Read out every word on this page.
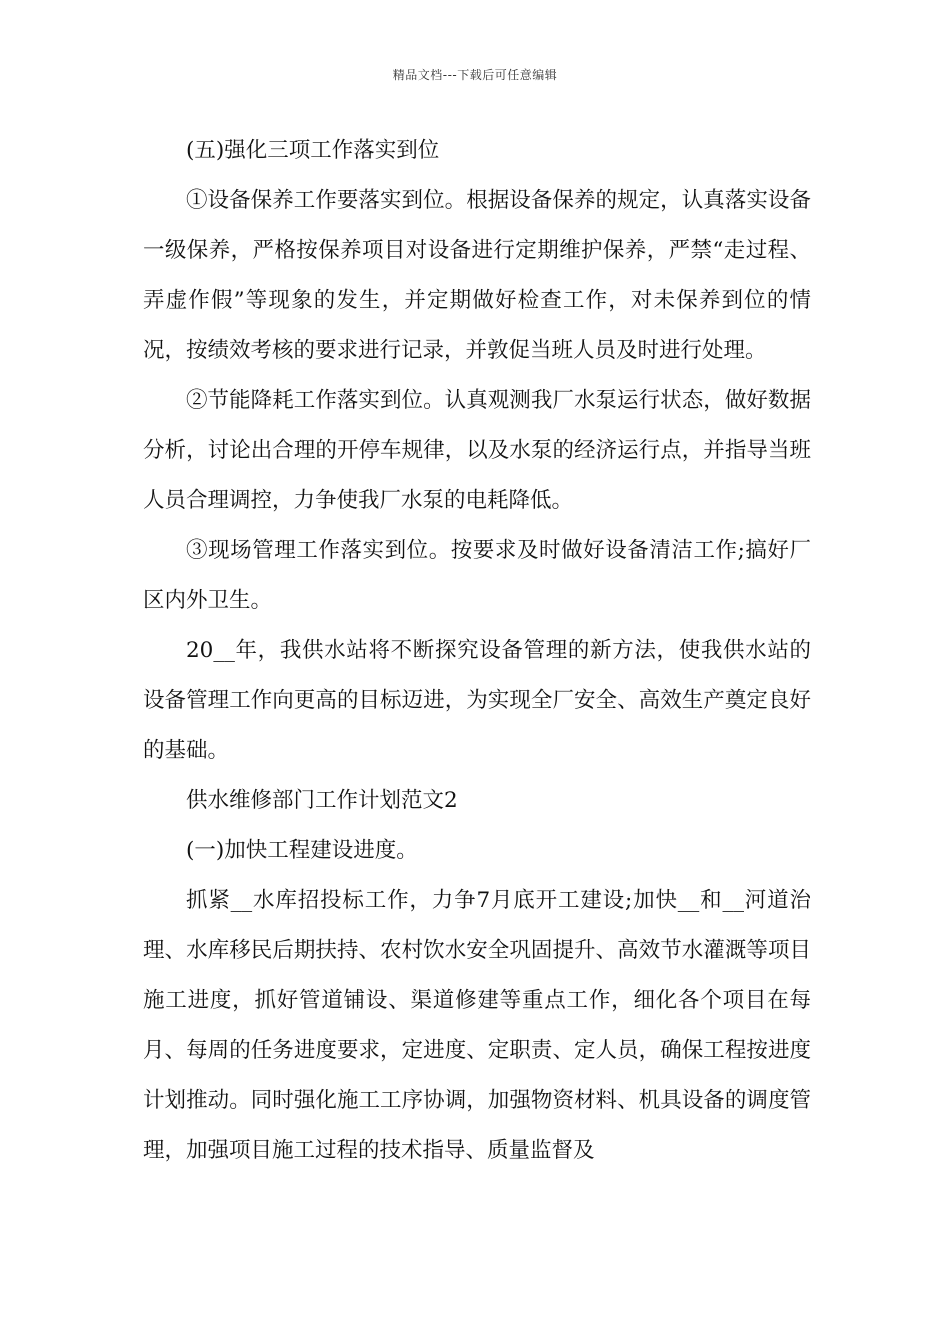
精品文档---下载后可任意编辑

(五)强化三项工作落实到位

①设备保养工作要落实到位。根据设备保养的规定，认真落实设备一级保养，严格按保养项目对设备进行定期维护保养，严禁“走过程、弄虚作假”等现象的发生，并定期做好检查工作，对未保养到位的情况，按绩效考核的要求进行记录，并敦促当班人员及时进行处理。

②节能降耗工作落实到位。认真观测我厂水泵运行状态，做好数据分析，讨论出合理的开停车规律，以及水泵的经济运行点，并指导当班人员合理调控，力争使我厂水泵的电耗降低。

③现场管理工作落实到位。按要求及时做好设备清洁工作;搞好厂区内外卫生。

20__年，我供水站将不断探究设备管理的新方法，使我供水站的设备管理工作向更高的目标迈进，为实现全厂安全、高效生产奠定良好的基础。

供水维修部门工作计划范文2

(一)加快工程建设进度。

抓紧__水库招投标工作，力争7月底开工建设;加快__和__河道治理、水库移民后期扶持、农村饮水安全巩固提升、高效节水灌溉等项目施工进度，抓好管道铺设、渠道修建等重点工作，细化各个项目在每月、每周的任务进度要求，定进度、定职责、定人员，确保工程按进度计划推动。同时强化施工工序协调，加强物资材料、机具设备的调度管理，加强项目施工过程的技术指导、质量监督及
